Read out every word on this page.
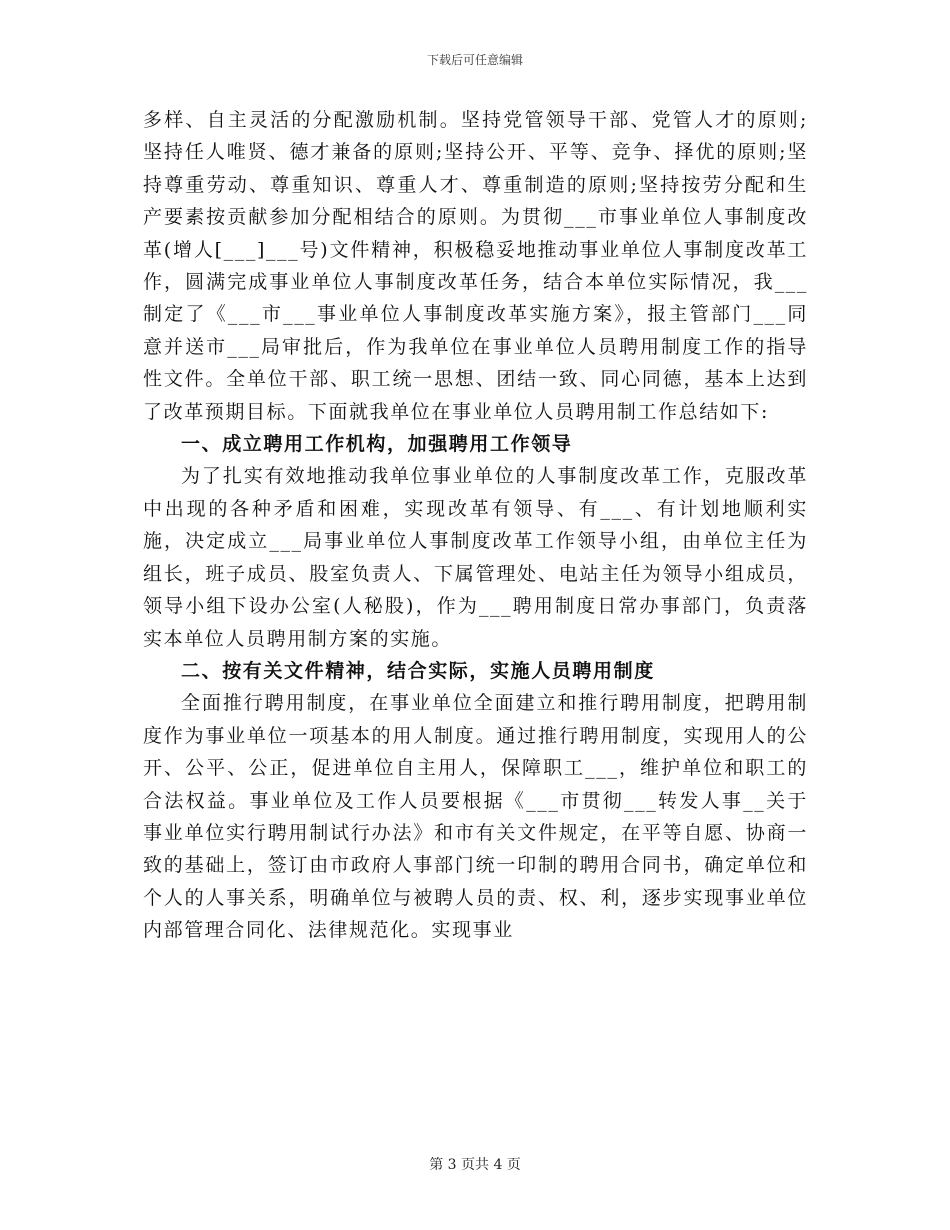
下载后可任意编辑

多样、自主灵活的分配激励机制。坚持党管领导干部、党管人才的原则;坚持任人唯贤、德才兼备的原则;坚持公开、平等、竞争、择优的原则;坚持尊重劳动、尊重知识、尊重人才、尊重制造的原则;坚持按劳分配和生产要素按贡献参加分配相结合的原则。为贯彻___市事业单位人事制度改革(增人[___]___号)文件精神，积极稳妥地推动事业单位人事制度改革工作，圆满完成事业单位人事制度改革任务，结合本单位实际情况，我___制定了《___市___事业单位人事制度改革实施方案》，报主管部门___同意并送市___局审批后，作为我单位在事业单位人员聘用制度工作的指导性文件。全单位干部、职工统一思想、团结一致、同心同德，基本上达到了改革预期目标。下面就我单位在事业单位人员聘用制工作总结如下:

一、成立聘用工作机构，加强聘用工作领导

为了扎实有效地推动我单位事业单位的人事制度改革工作，克服改革中出现的各种矛盾和困难，实现改革有领导、有___、有计划地顺利实施，决定成立___局事业单位人事制度改革工作领导小组，由单位主任为组长，班子成员、股室负责人、下属管理处、电站主任为领导小组成员，领导小组下设办公室(人秘股)，作为___聘用制度日常办事部门，负责落实本单位人员聘用制方案的实施。

二、按有关文件精神，结合实际，实施人员聘用制度

全面推行聘用制度，在事业单位全面建立和推行聘用制度，把聘用制度作为事业单位一项基本的用人制度。通过推行聘用制度，实现用人的公开、公平、公正，促进单位自主用人，保障职工___，维护单位和职工的合法权益。事业单位及工作人员要根据《___市贯彻___转发人事__关于事业单位实行聘用制试行办法》和市有关文件规定，在平等自愿、协商一致的基础上，签订由市政府人事部门统一印制的聘用合同书，确定单位和个人的人事关系，明确单位与被聘人员的责、权、利，逐步实现事业单位内部管理合同化、法律规范化。实现事业

第 3 页共 4 页
